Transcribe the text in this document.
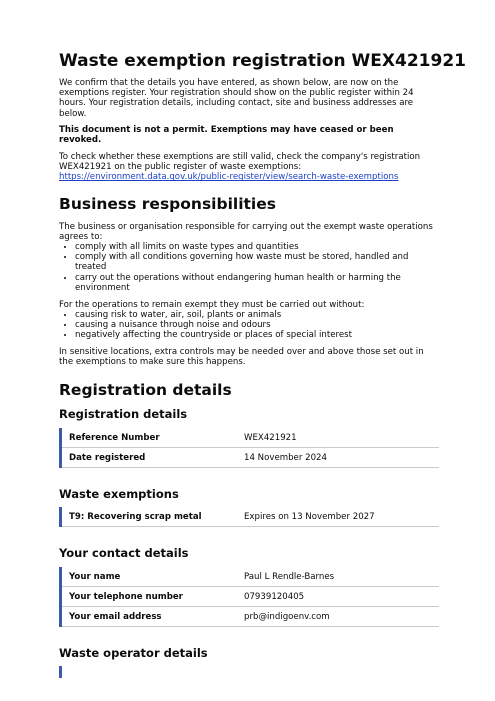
Waste exemption registration WEX421921

We confirm that the details you have entered, as shown below, are now on the exemptions register. Your registration should show on the public register within 24 hours. Your registration details, including contact, site and business addresses are below.

This document is not a permit. Exemptions may have ceased or been revoked.

To check whether these exemptions are still valid, check the company's registration WEX421921 on the public register of waste exemptions:
https://environment.data.gov.uk/public-register/view/search-waste-exemptions

Business responsibilities

The business or organisation responsible for carrying out the exempt waste operations agrees to:

• comply with all limits on waste types and quantities
• comply with all conditions governing how waste must be stored, handled and treated
• carry out the operations without endangering human health or harming the environment

For the operations to remain exempt they must be carried out without:

• causing risk to water, air, soil, plants or animals
• causing a nuisance through noise and odours
• negatively affecting the countryside or places of special interest

In sensitive locations, extra controls may be needed over and above those set out in the exemptions to make sure this happens.

Registration details
Registration details
Reference Number	WEX421921
Date registered	14 November 2024
Waste exemptions
T9: Recovering scrap metal	Expires on 13 November 2027
Your contact details
Your name	Paul L Rendle-Barnes
Your telephone number	07939120405
Your email address	prb@indigoenv.com
Waste operator details
